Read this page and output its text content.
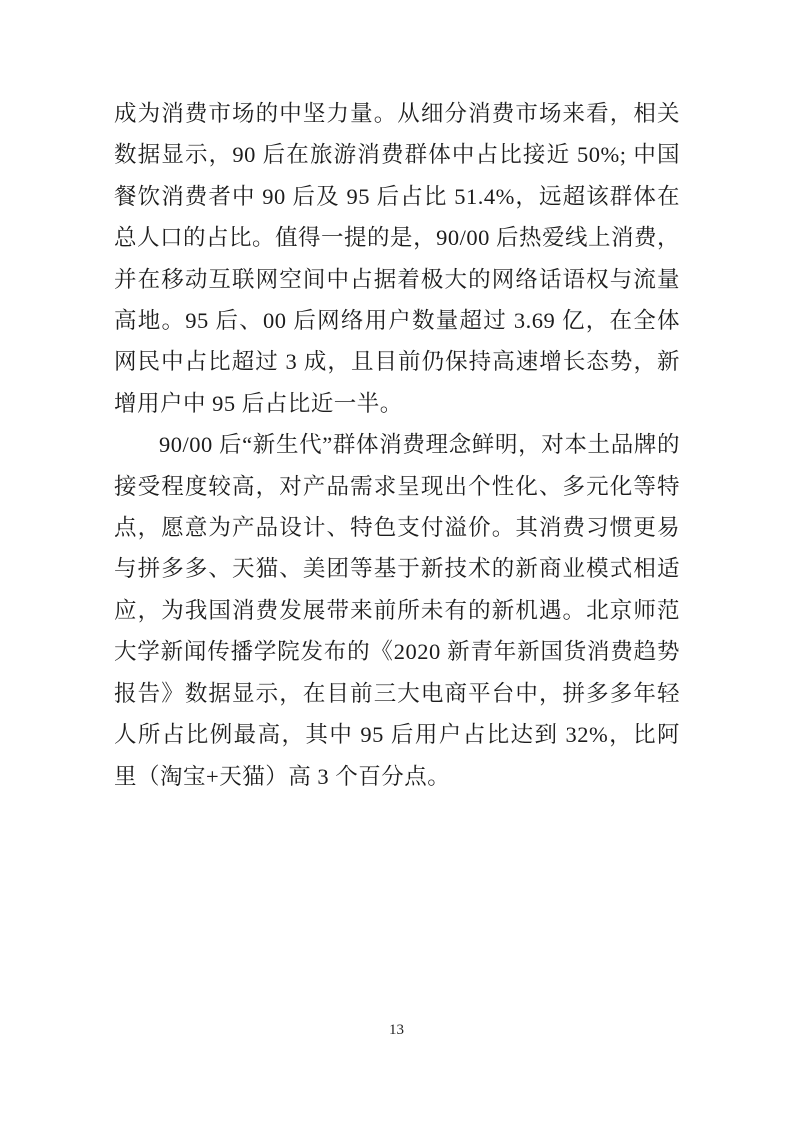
成为消费市场的中坚力量。从细分消费市场来看，相关数据显示，90 后在旅游消费群体中占比接近 50%; 中国餐饮消费者中 90 后及 95 后占比 51.4%，远超该群体在总人口的占比。值得一提的是，90/00 后热爱线上消费，并在移动互联网空间中占据着极大的网络话语权与流量高地。95 后、00 后网络用户数量超过 3.69 亿，在全体网民中占比超过 3 成，且目前仍保持高速增长态势，新增用户中 95 后占比近一半。

90/00 后“新生代”群体消费理念鲜明，对本土品牌的接受程度较高，对产品需求呈现出个性化、多元化等特点，愿意为产品设计、特色支付溢价。其消费习惯更易与拼多多、天猫、美团等基于新技术的新商业模式相适应，为我国消费发展带来前所未有的新机遇。北京师范大学新闻传播学院发布的《2020 新青年新国货消费趋势报告》数据显示，在目前三大电商平台中，拼多多年轻人所占比例最高，其中 95 后用户占比达到 32%，比阿里（淘宝+天猫）高 3 个百分点。

13
